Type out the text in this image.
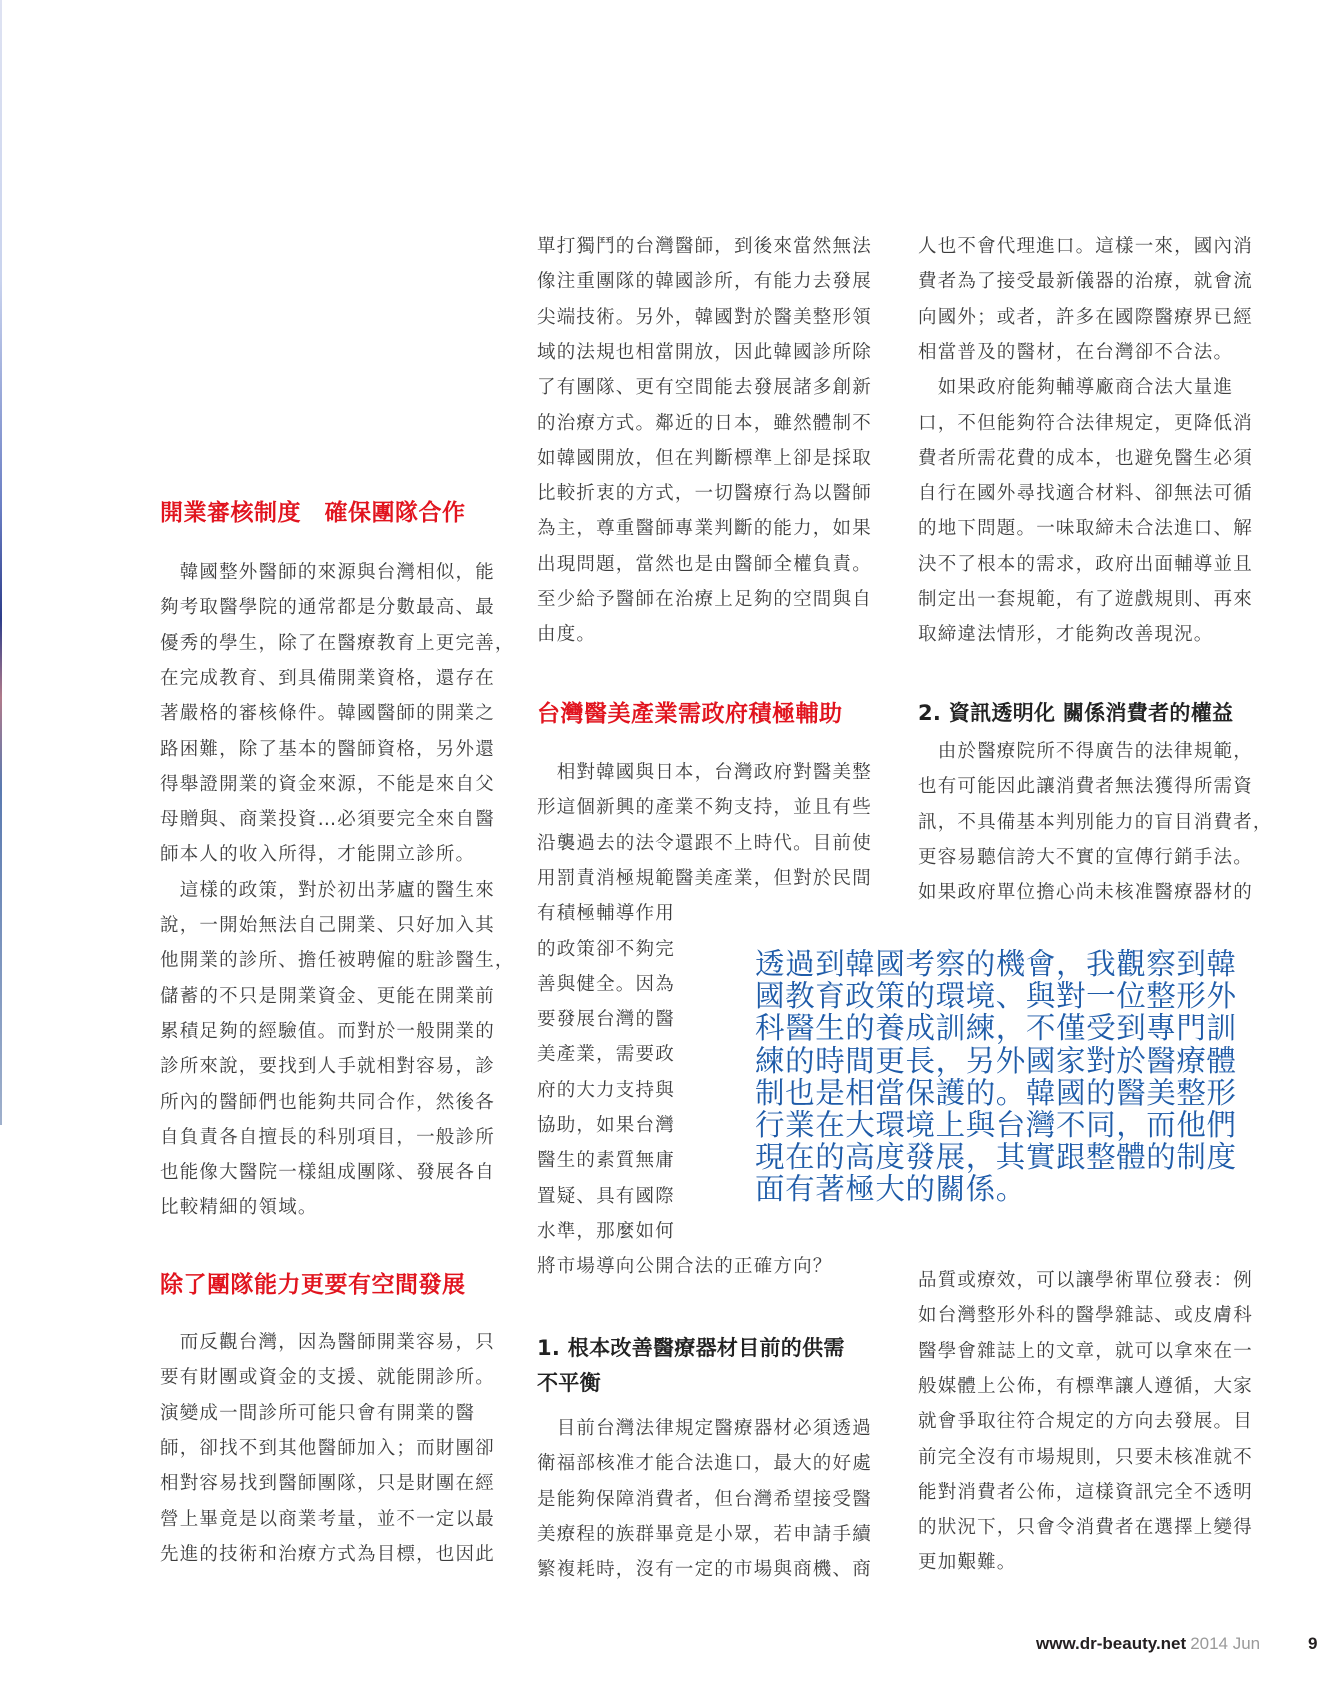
開業審核制度　確保團隊合作
　韓國整外醫師的來源與台灣相似，能
夠考取醫學院的通常都是分數最高、最
優秀的學生，除了在醫療教育上更完善，
在完成教育、到具備開業資格，還存在
著嚴格的審核條件。韓國醫師的開業之
路困難，除了基本的醫師資格，另外還
得舉證開業的資金來源，不能是來自父
母贈與、商業投資…必須要完全來自醫
師本人的收入所得，才能開立診所。
　這樣的政策，對於初出茅廬的醫生來
說，一開始無法自己開業、只好加入其
他開業的診所、擔任被聘僱的駐診醫生，
儲蓄的不只是開業資金、更能在開業前
累積足夠的經驗值。而對於一般開業的
診所來說，要找到人手就相對容易，診
所內的醫師們也能夠共同合作，然後各
自負責各自擅長的科別項目，一般診所
也能像大醫院一樣組成團隊、發展各自
比較精細的領域。
除了團隊能力更要有空間發展
　而反觀台灣，因為醫師開業容易，只
要有財團或資金的支援、就能開診所。
演變成一間診所可能只會有開業的醫
師，卻找不到其他醫師加入；而財團卻
相對容易找到醫師團隊，只是財團在經
營上畢竟是以商業考量，並不一定以最
先進的技術和治療方式為目標，也因此
單打獨鬥的台灣醫師，到後來當然無法
像注重團隊的韓國診所，有能力去發展
尖端技術。另外，韓國對於醫美整形領
域的法規也相當開放，因此韓國診所除
了有團隊、更有空間能去發展諸多創新
的治療方式。鄰近的日本，雖然體制不
如韓國開放，但在判斷標準上卻是採取
比較折衷的方式，一切醫療行為以醫師
為主，尊重醫師專業判斷的能力，如果
出現問題，當然也是由醫師全權負責。
至少給予醫師在治療上足夠的空間與自
由度。
台灣醫美產業需政府積極輔助
　相對韓國與日本，台灣政府對醫美整
形這個新興的產業不夠支持，並且有些
沿襲過去的法令還跟不上時代。目前使
用罰責消極規範醫美產業，但對於民間
有積極輔導作用
的政策卻不夠完
善與健全。因為
要發展台灣的醫
美產業，需要政
府的大力支持與
協助，如果台灣
醫生的素質無庸
置疑、具有國際
水準，那麼如何
將市場導向公開合法的正確方向？
1. 根本改善醫療器材目前的供需
不平衡
　目前台灣法律規定醫療器材必須透過
衛福部核准才能合法進口，最大的好處
是能夠保障消費者，但台灣希望接受醫
美療程的族群畢竟是小眾，若申請手續
繁複耗時，沒有一定的市場與商機、商
人也不會代理進口。這樣一來，國內消
費者為了接受最新儀器的治療，就會流
向國外；或者，許多在國際醫療界已經
相當普及的醫材，在台灣卻不合法。
　如果政府能夠輔導廠商合法大量進
口，不但能夠符合法律規定，更降低消
費者所需花費的成本，也避免醫生必須
自行在國外尋找適合材料、卻無法可循
的地下問題。一味取締未合法進口、解
決不了根本的需求，政府出面輔導並且
制定出一套規範，有了遊戲規則、再來
取締違法情形，才能夠改善現況。
2. 資訊透明化 關係消費者的權益
　由於醫療院所不得廣告的法律規範，
也有可能因此讓消費者無法獲得所需資
訊，不具備基本判別能力的盲目消費者，
更容易聽信誇大不實的宣傳行銷手法。
如果政府單位擔心尚未核准醫療器材的
品質或療效，可以讓學術單位發表：例
如台灣整形外科的醫學雜誌、或皮膚科
醫學會雜誌上的文章，就可以拿來在一
般媒體上公佈，有標準讓人遵循，大家
就會爭取往符合規定的方向去發展。目
前完全沒有市場規則，只要未核准就不
能對消費者公佈，這樣資訊完全不透明
的狀況下，只會令消費者在選擇上變得
更加艱難。
透過到韓國考察的機會，我觀察到韓
國教育政策的環境、與對一位整形外
科醫生的養成訓練，不僅受到專門訓
練的時間更長，另外國家對於醫療體
制也是相當保護的。韓國的醫美整形
行業在大環境上與台灣不同，而他們
現在的高度發展，其實跟整體的制度
面有著極大的關係。
www.dr-beauty.net 2014 Jun	9
